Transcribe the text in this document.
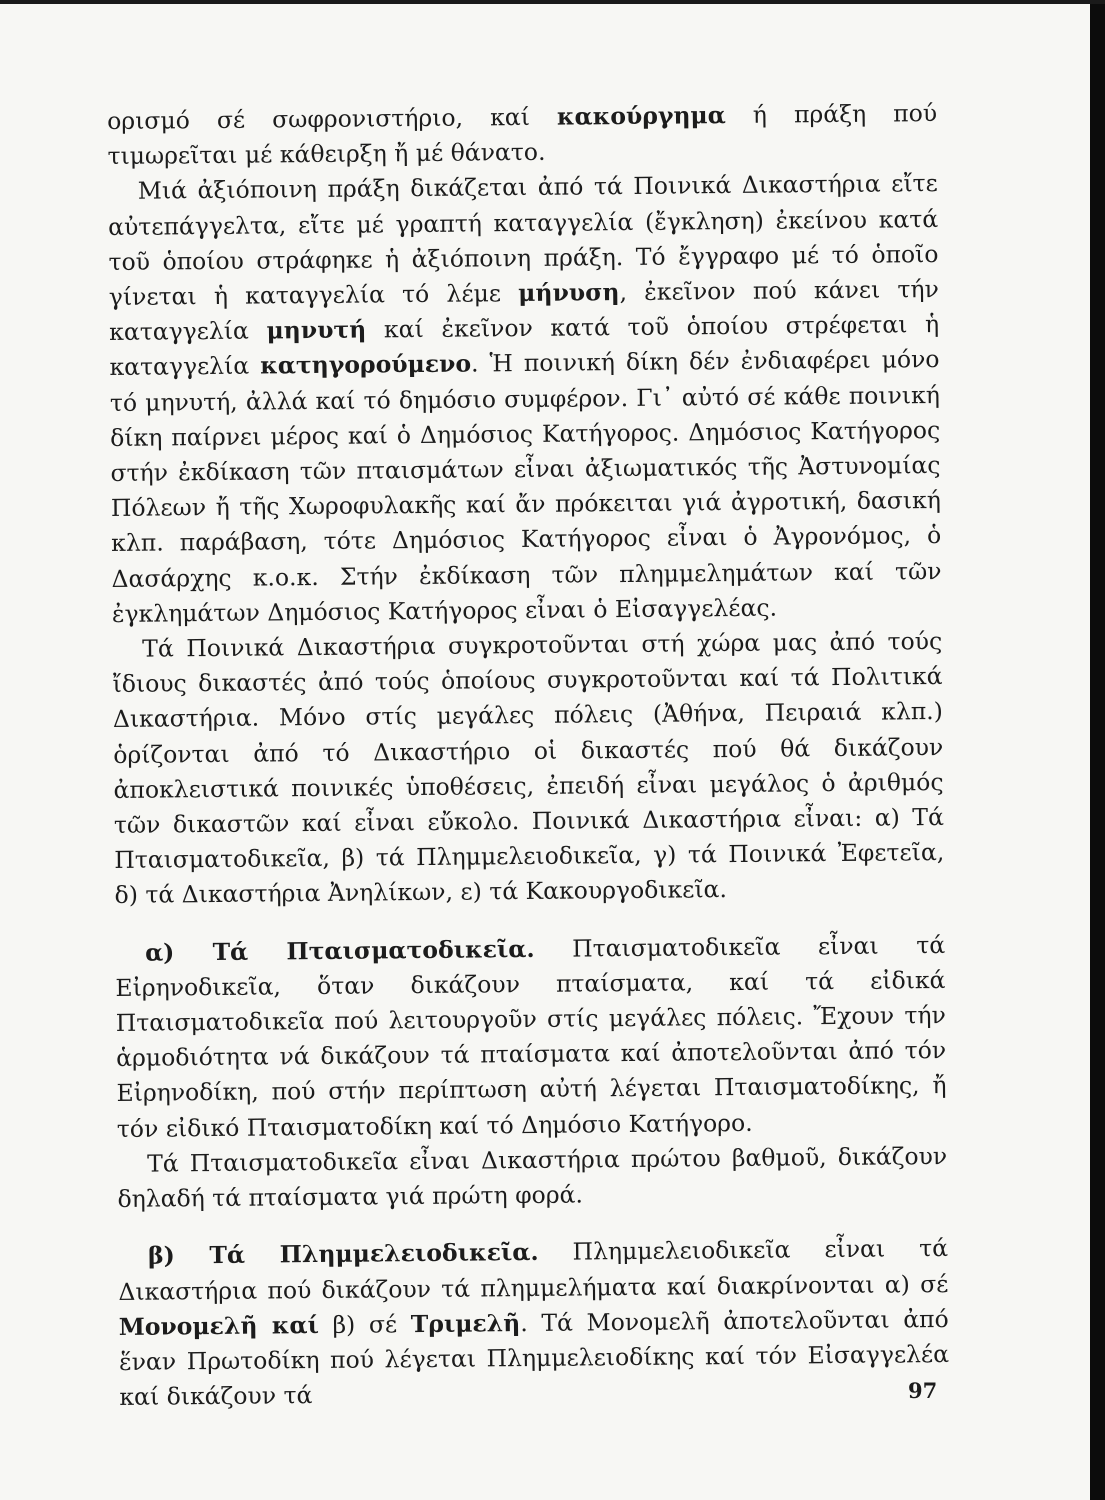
ορισμό σέ σωφρονιστήριο, καί κακούργημα ή πράξη πού τιμωρεῖται μέ κάθειρξη ἤ μέ θάνατο.

Μιά ἀξιόποινη πράξη δικάζεται ἀπό τά Ποινικά Δικαστήρια εἴτε αὐτεπάγγελτα, εἴτε μέ γραπτή καταγγελία (ἔγκληση) ἐκείνου κατά τοῦ ὁποίου στράφηκε ἡ ἀξιόποινη πράξη. Τό ἔγγραφο μέ τό ὁποῖο γίνεται ἡ καταγγελία τό λέμε μήνυση, ἐκεῖνον πού κάνει τήν καταγγελία μηνυτή καί ἐκεῖνον κατά τοῦ ὁποίου στρέφεται ἡ καταγγελία κατηγορούμενο. Ἡ ποινική δίκη δέν ἐνδιαφέρει μόνο τό μηνυτή, ἀλλά καί τό δημόσιο συμφέρον. Γι᾽ αὐτό σέ κάθε ποινική δίκη παίρνει μέρος καί ὁ Δημόσιος Κατήγορος. Δημόσιος Κατήγορος στήν ἐκδίκαση τῶν πταισμάτων εἶναι ἀξιωματικός τῆς Ἀστυνομίας Πόλεων ἤ τῆς Χωροφυλακῆς καί ἄν πρόκειται γιά ἀγροτική, δασική κλπ. παράβαση, τότε Δημόσιος Κατήγορος εἶναι ὁ Ἀγρονόμος, ὁ Δασάρχης κ.ο.κ. Στήν ἐκδίκαση τῶν πλημμελημάτων καί τῶν ἐγκλημάτων Δημόσιος Κατήγορος εἶναι ὁ Εἰσαγγελέας.

Τά Ποινικά Δικαστήρια συγκροτοῦνται στή χώρα μας ἀπό τούς ἴδιους δικαστές ἀπό τούς ὁποίους συγκροτοῦνται καί τά Πολιτικά Δικαστήρια. Μόνο στίς μεγάλες πόλεις (Ἀθήνα, Πειραιά κλπ.) ὁρίζονται ἀπό τό Δικαστήριο οἱ δικαστές πού θά δικάζουν ἀποκλειστικά ποινικές ὑποθέσεις, ἐπειδή εἶναι μεγάλος ὁ ἀριθμός τῶν δικαστῶν καί εἶναι εὔκολο. Ποινικά Δικαστήρια εἶναι: α) Τά Πταισματοδικεῖα, β) τά Πλημμελειοδικεῖα, γ) τά Ποινικά Ἐφετεῖα, δ) τά Δικαστήρια Ἀνηλίκων, ε) τά Κακουργοδικεῖα.

α) Τά Πταισματοδικεῖα. Πταισματοδικεῖα εἶναι τά Εἰρηνοδικεῖα, ὅταν δικάζουν πταίσματα, καί τά εἰδικά Πταισματοδικεῖα πού λειτουργοῦν στίς μεγάλες πόλεις. Ἔχουν τήν ἁρμοδιότητα νά δικάζουν τά πταίσματα καί ἀποτελοῦνται ἀπό τόν Εἰρηνοδίκη, πού στήν περίπτωση αὐτή λέγεται Πταισματοδίκης, ἤ τόν εἰδικό Πταισματοδίκη καί τό Δημόσιο Κατήγορο.

Τά Πταισματοδικεῖα εἶναι Δικαστήρια πρώτου βαθμοῦ, δικάζουν δηλαδή τά πταίσματα γιά πρώτη φορά.

β) Τά Πλημμελειοδικεῖα. Πλημμελειοδικεῖα εἶναι τά Δικαστήρια πού δικάζουν τά πλημμελήματα καί διακρίνονται α) σέ Μονομελῆ καί β) σέ Τριμελῆ. Τά Μονομελῆ ἀποτελοῦνται ἀπό ἕναν Πρωτοδίκη πού λέγεται Πλημμελειοδίκης καί τόν Εἰσαγγελέα καί δικάζουν τά	97
